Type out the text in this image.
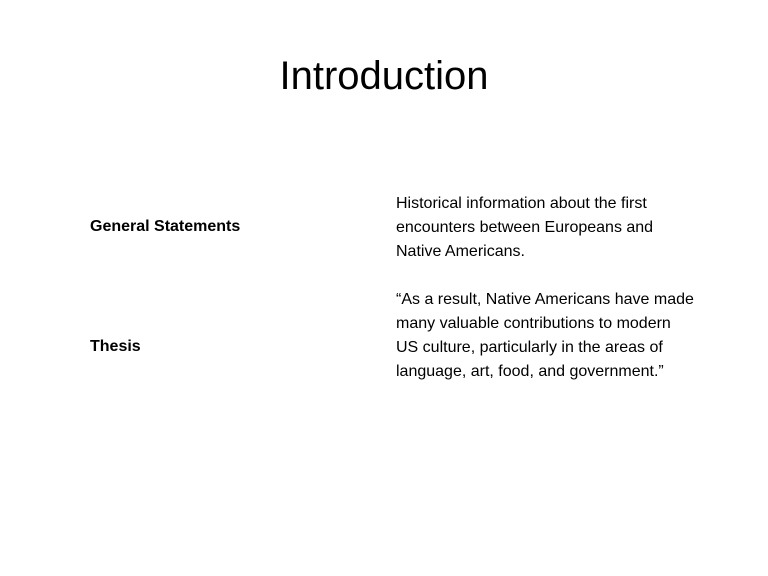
Introduction
General Statements

Historical information about the first encounters between Europeans and Native Americans.

Thesis

“As a result, Native Americans have made many valuable contributions to modern US culture, particularly in the areas of language, art, food, and government.”
